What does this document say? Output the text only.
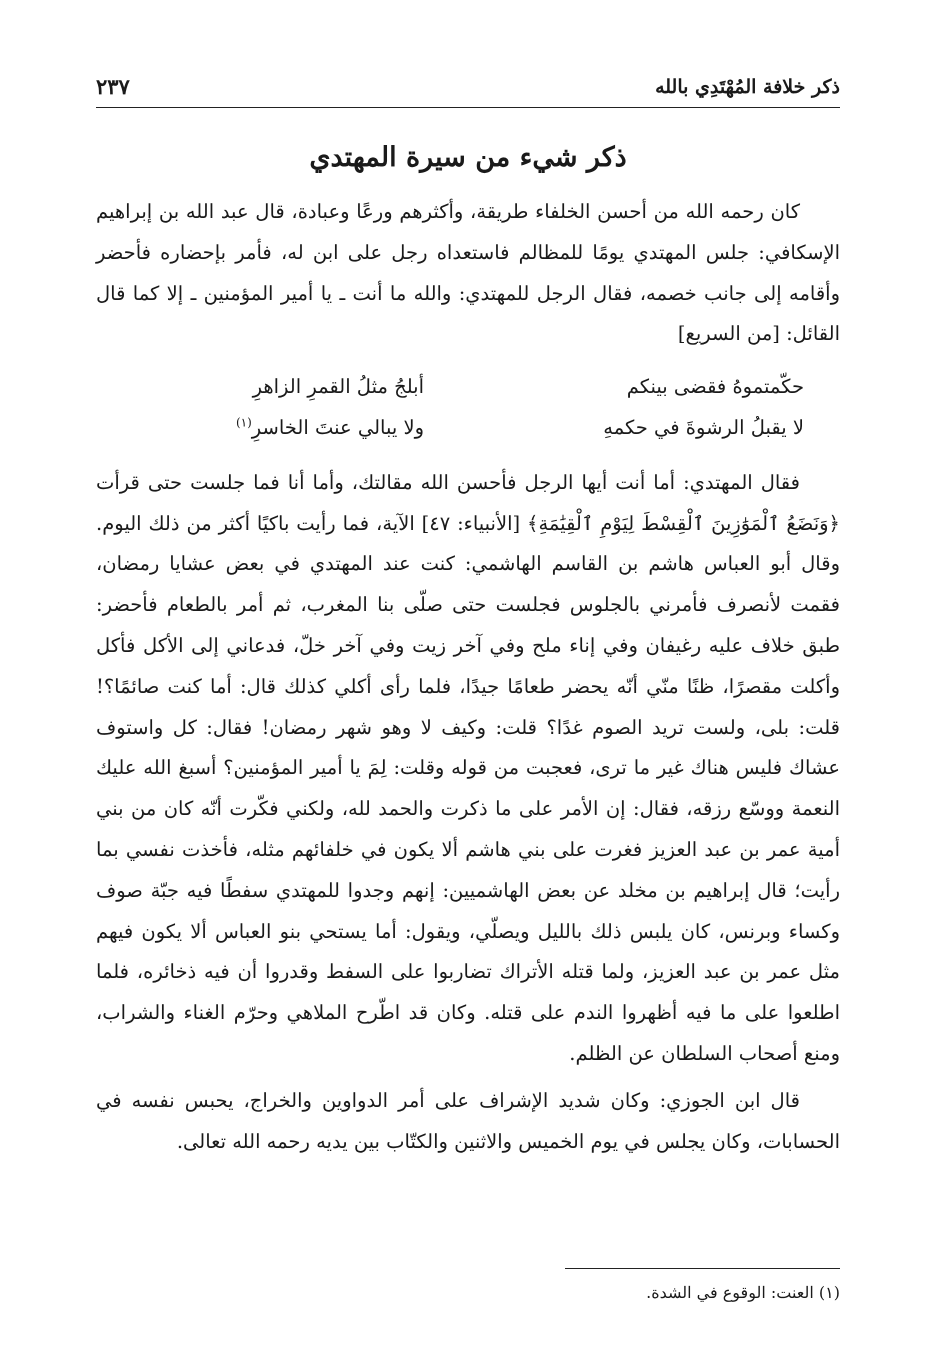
ذكر خلافة المُهْتَدِي بالله
٢٣٧
ذكر شيء من سيرة المهتدي

كان رحمه الله من أحسن الخلفاء طريقة، وأكثرهم ورعًا وعبادة، قال عبد الله بن إبراهيم الإسكافي: جلس المهتدي يومًا للمظالم فاستعداه رجل على ابن له، فأمر بإحضاره فأحضر وأقامه إلى جانب خصمه، فقال الرجل للمهتدي: والله ما أنت ـ يا أمير المؤمنين ـ إلا كما قال القائل: [من السريع]

حكّمتموهُ فقضى بينكم
أبلجُ مثلُ القمرِ الزاهرِ
لا يقبلُ الرشوةَ في حكمهِ
ولا يبالي عنتَ الخاسرِ$^{(١)}$

فقال المهتدي: أما أنت أيها الرجل فأحسن الله مقالتك، وأما أنا فما جلست حتى قرأت ﴿وَنَضَعُ ٱلْمَوَٰزِينَ ٱلْقِسْطَ لِيَوْمِ ٱلْقِيَٰمَةِ﴾ [الأنبياء: ٤٧] الآية، فما رأيت باكيًا أكثر من ذلك اليوم. وقال أبو العباس هاشم بن القاسم الهاشمي: كنت عند المهتدي في بعض عشايا رمضان، فقمت لأنصرف فأمرني بالجلوس فجلست حتى صلّى بنا المغرب، ثم أمر بالطعام فأحضر: طبق خلاف عليه رغيفان وفي إناء ملح وفي آخر زيت وفي آخر خلّ، فدعاني إلى الأكل فأكل وأكلت مقصرًا، ظنًا منّي أنّه يحضر طعامًا جيدًا، فلما رأى أكلي كذلك قال: أما كنت صائمًا؟! قلت: بلى، ولست تريد الصوم غدًا؟ قلت: وكيف لا وهو شهر رمضان! فقال: كل واستوف عشاك فليس هناك غير ما ترى، فعجبت من قوله وقلت: لِمَ يا أمير المؤمنين؟ أسبغ الله عليك النعمة ووسّع رزقه، فقال: إن الأمر على ما ذكرت والحمد لله، ولكني فكّرت أنّه كان من بني أمية عمر بن عبد العزيز فغرت على بني هاشم ألا يكون في خلفائهم مثله، فأخذت نفسي بما رأيت؛ قال إبراهيم بن مخلد عن بعض الهاشميين: إنهم وجدوا للمهتدي سفطًا فيه جبّة صوف وكساء وبرنس، كان يلبس ذلك بالليل ويصلّي، ويقول: أما يستحي بنو العباس ألا يكون فيهم مثل عمر بن عبد العزيز، ولما قتله الأتراك تضاربوا على السفط وقدروا أن فيه ذخائره، فلما اطلعوا على ما فيه أظهروا الندم على قتله. وكان قد اطّرح الملاهي وحرّم الغناء والشراب، ومنع أصحاب السلطان عن الظلم.

قال ابن الجوزي: وكان شديد الإشراف على أمر الدواوين والخراج، يحبس نفسه في الحسابات، وكان يجلس في يوم الخميس والاثنين والكتّاب بين يديه رحمه الله تعالى.

(١) العنت: الوقوع في الشدة.
